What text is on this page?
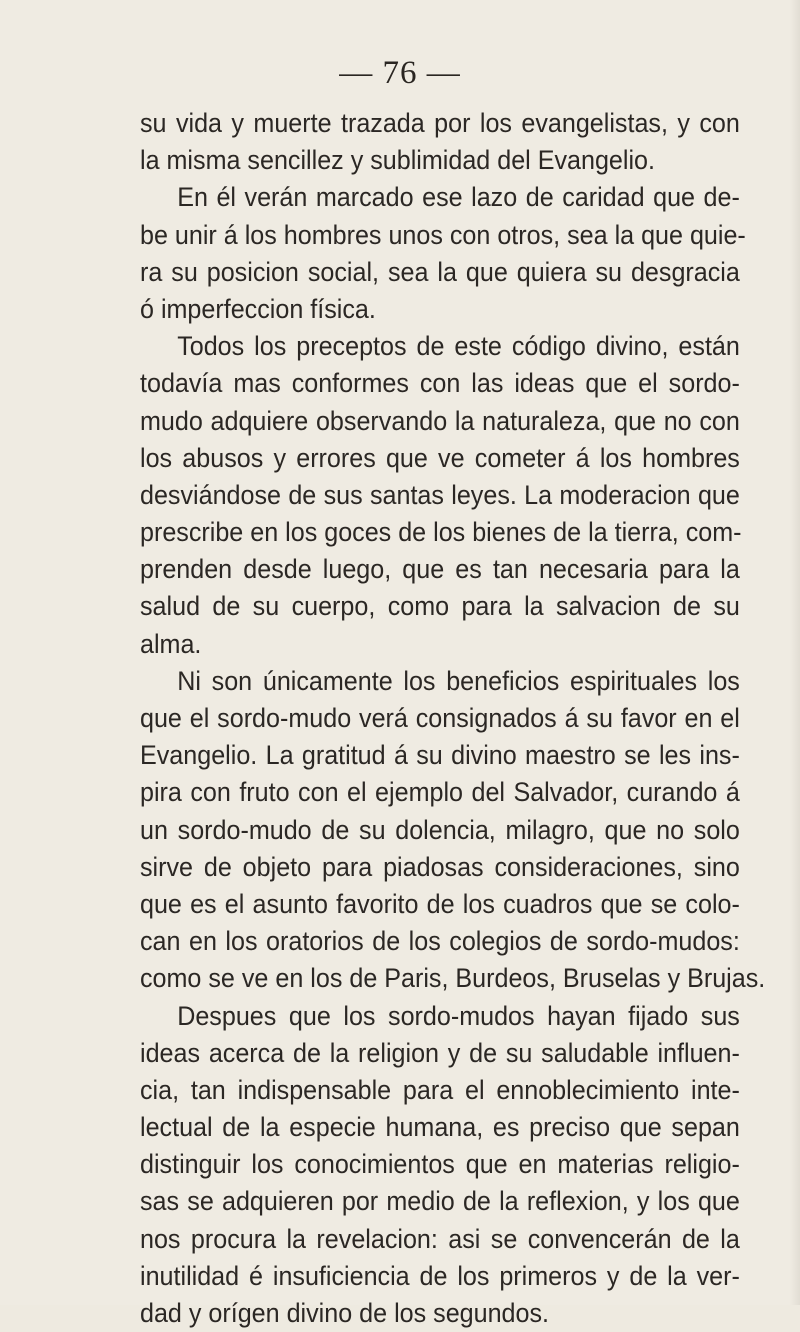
— 76 —
su vida y muerte trazada por los evangelistas, y con
la misma sencillez y sublimidad del Evangelio.
En él verán marcado ese lazo de caridad que de-
be unir á los hombres unos con otros, sea la que quie-
ra su posicion social, sea la que quiera su desgracia
ó imperfeccion física.
Todos los preceptos de este código divino, están
todavía mas conformes con las ideas que el sordo-
mudo adquiere observando la naturaleza, que no con
los abusos y errores que ve cometer á los hombres
desviándose de sus santas leyes. La moderacion que
prescribe en los goces de los bienes de la tierra, com-
prenden desde luego, que es tan necesaria para la
salud de su cuerpo, como para la salvacion de su
alma.
Ni son únicamente los beneficios espirituales los
que el sordo-mudo verá consignados á su favor en el
Evangelio. La gratitud á su divino maestro se les ins-
pira con fruto con el ejemplo del Salvador, curando á
un sordo-mudo de su dolencia, milagro, que no solo
sirve de objeto para piadosas consideraciones, sino
que es el asunto favorito de los cuadros que se colo-
can en los oratorios de los colegios de sordo-mudos:
como se ve en los de Paris, Burdeos, Bruselas y Brujas.
Despues que los sordo-mudos hayan fijado sus
ideas acerca de la religion y de su saludable influen-
cia, tan indispensable para el ennoblecimiento inte-
lectual de la especie humana, es preciso que sepan
distinguir los conocimientos que en materias religio-
sas se adquieren por medio de la reflexion, y los que
nos procura la revelacion: asi se convencerán de la
inutilidad é insuficiencia de los primeros y de la ver-
dad y orígen divino de los segundos.
